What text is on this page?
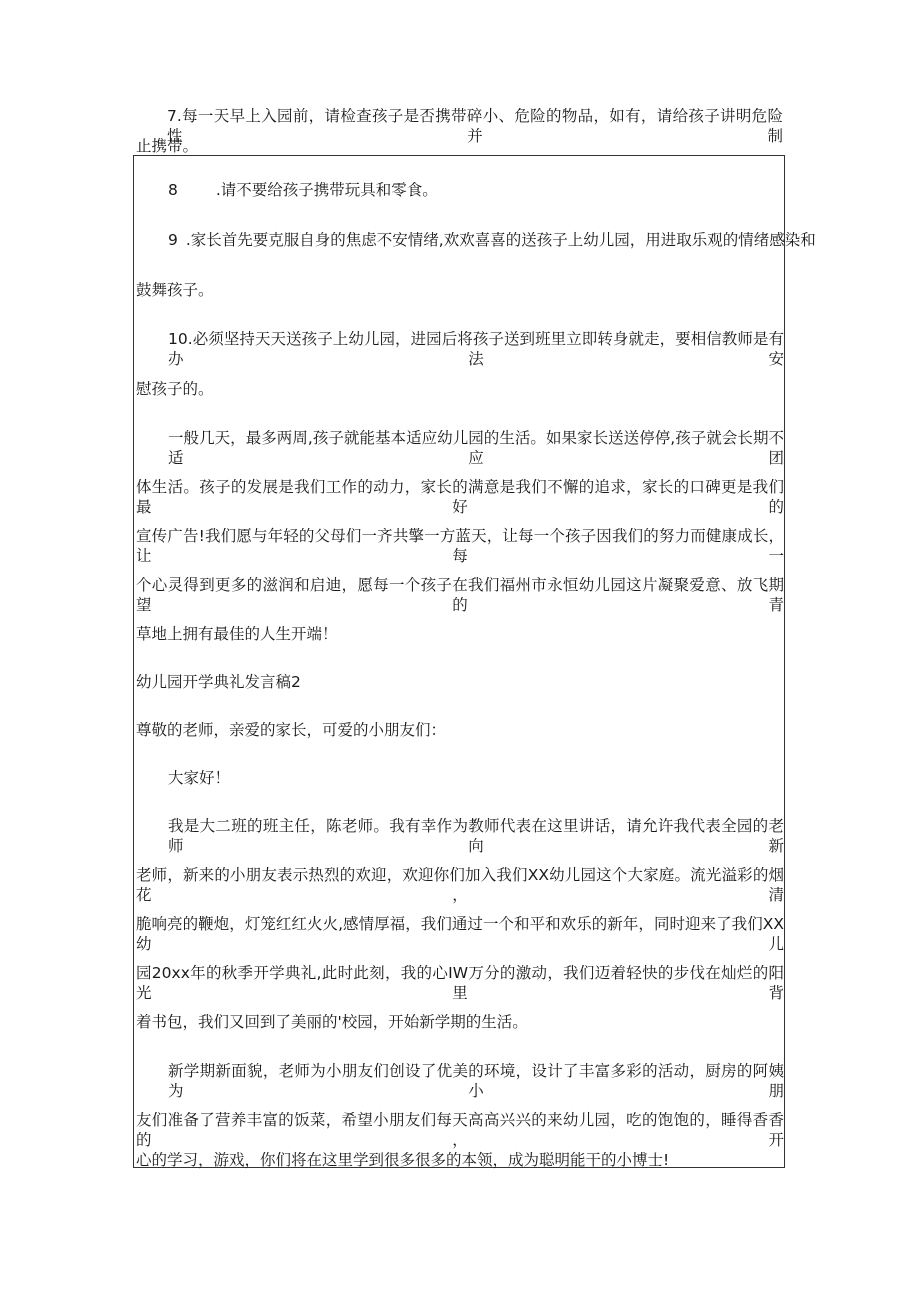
7.每一天早上入园前，请检查孩子是否携带碎小、危险的物品，如有，请给孩子讲明危险性并制

止携带。

8 .请不要给孩子携带玩具和零食。

9 .家长首先要克服自身的焦虑不安情绪,欢欢喜喜的送孩子上幼儿园，用进取乐观的情绪感染和

鼓舞孩子。

10.必须坚持天天送孩子上幼儿园，进园后将孩子送到班里立即转身就走，要相信教师是有办法安

慰孩子的。

一般几天，最多两周,孩子就能基本适应幼儿园的生活。如果家长送送停停,孩子就会长期不适应团

体生活。孩子的发展是我们工作的动力，家长的满意是我们不懈的追求，家长的口碑更是我们最好的

宣传广告!我们愿与年轻的父母们一齐共擎一方蓝天，让每一个孩子因我们的努力而健康成长，让每一

个心灵得到更多的滋润和启迪，愿每一个孩子在我们福州市永恒幼儿园这片凝聚爱意、放飞期望的青

草地上拥有最佳的人生开端！

幼儿园开学典礼发言稿2

尊敬的老师，亲爱的家长，可爱的小朋友们：

大家好！

我是大二班的班主任，陈老师。我有幸作为教师代表在这里讲话，请允许我代表全园的老师向新

老师，新来的小朋友表示热烈的欢迎，欢迎你们加入我们XX幼儿园这个大家庭。流光溢彩的烟花，清

脆响亮的鞭炮，灯笼红红火火,感情厚福，我们通过一个和平和欢乐的新年，同时迎来了我们XX幼儿

园20xx年的秋季开学典礼,此时此刻，我的心IW万分的激动，我们迈着轻快的步伐在灿烂的阳光里背

着书包，我们又回到了美丽的'校园，开始新学期的生活。

新学期新面貌，老师为小朋友们创设了优美的环境，设计了丰富多彩的活动，厨房的阿姨为小朋

友们准备了营养丰富的饭菜，希望小朋友们每天高高兴兴的来幼儿园，吃的饱饱的，睡得香香的，开

心的学习，游戏，你们将在这里学到很多很多的本领，成为聪明能干的小博士!
